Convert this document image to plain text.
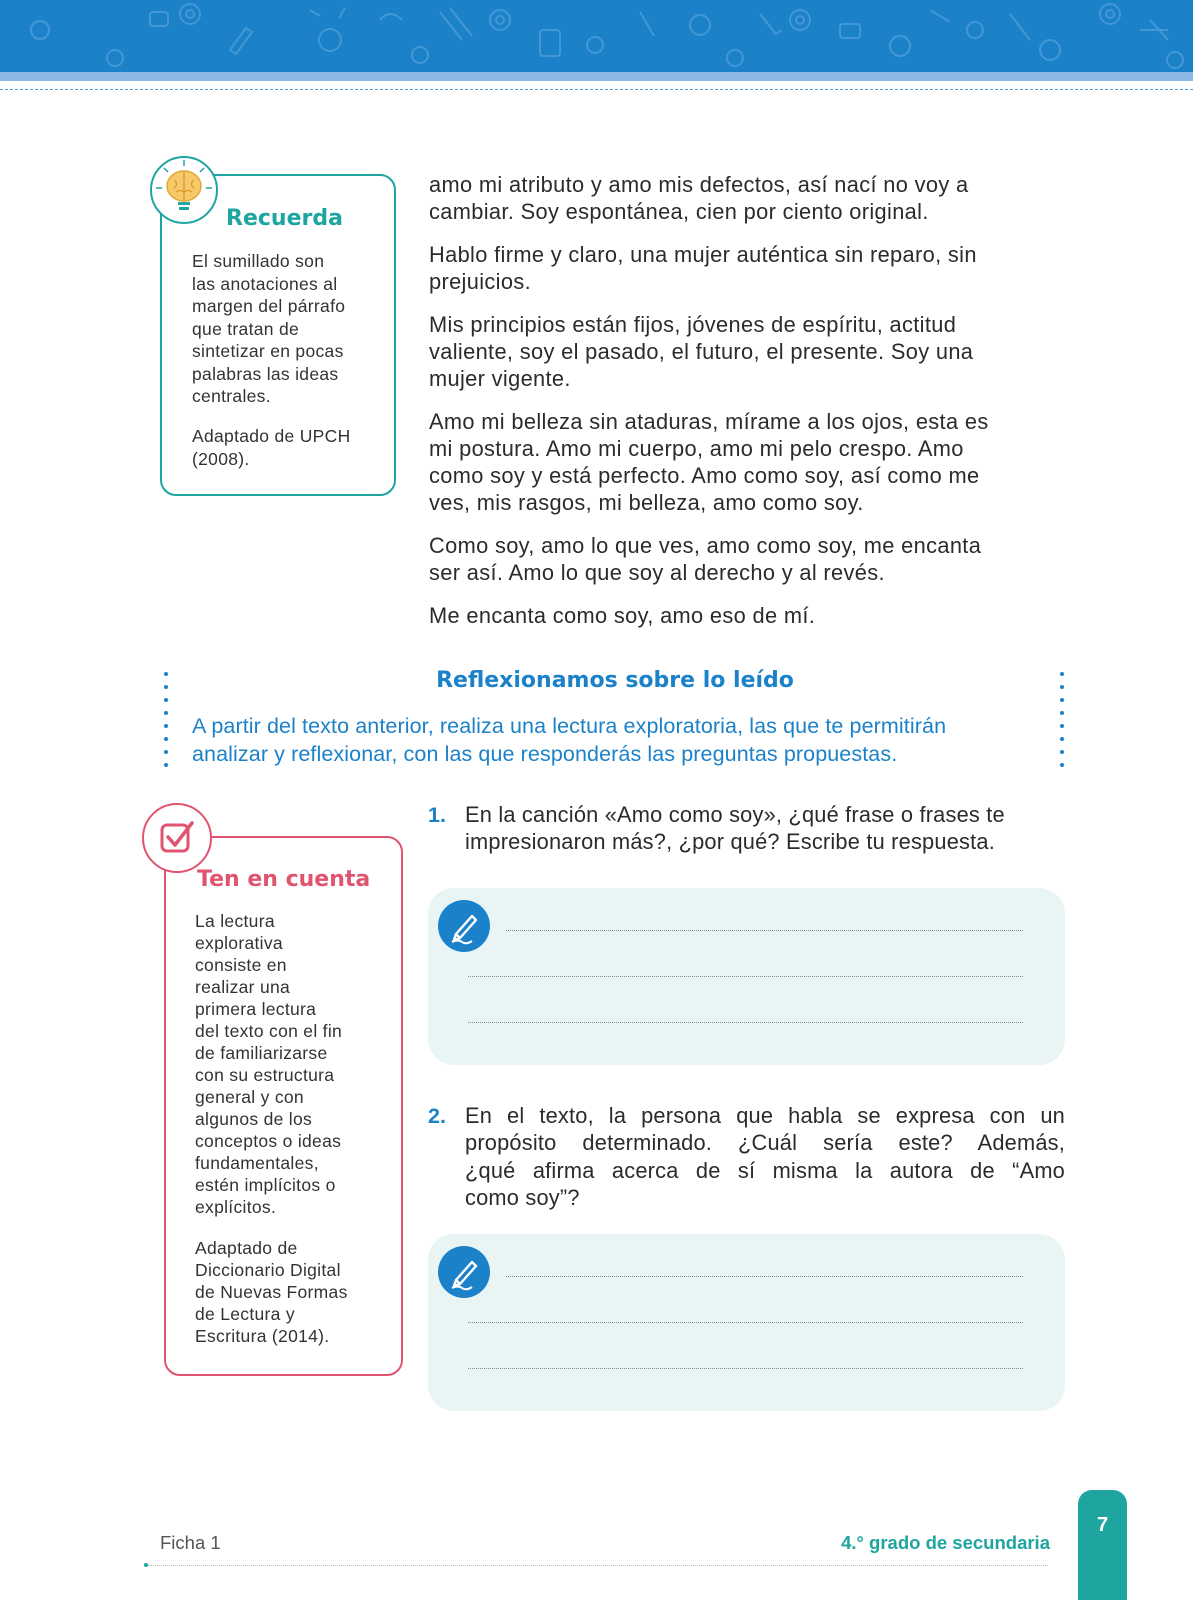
Recuerda
El sumillado son
las anotaciones al
margen del párrafo
que tratan de
sintetizar en pocas
palabras las ideas
centrales.
Adaptado de UPCH
(2008).

amo mi atributo y amo mis defectos, así nací no voy a
cambiar. Soy espontánea, cien por ciento original.

Hablo firme y claro, una mujer auténtica sin reparo, sin
prejuicios.

Mis principios están fijos, jóvenes de espíritu, actitud
valiente, soy el pasado, el futuro, el presente. Soy una
mujer vigente.

Amo mi belleza sin ataduras, mírame a los ojos, esta es
mi postura. Amo mi cuerpo, amo mi pelo crespo. Amo
como soy y está perfecto. Amo como soy, así como me
ves, mis rasgos, mi belleza, amo como soy.

Como soy, amo lo que ves, amo como soy, me encanta
ser así. Amo lo que soy al derecho y al revés.

Me encanta como soy, amo eso de mí.

Reflexionamos sobre lo leído
A partir del texto anterior, realiza una lectura exploratoria, las que te permitirán
analizar y reflexionar, con las que responderás las preguntas propuestas.
1. En la canción «Amo como soy», ¿qué frase o frases te
impresionaron más?, ¿por qué? Escribe tu respuesta.
2. En el texto, la persona que habla se expresa con un
propósito determinado. ¿Cuál sería este? Además,
¿qué afirma acerca de sí misma la autora de “Amo
como soy”?
Ten en cuenta
La lectura
explorativa
consiste en
realizar una
primera lectura
del texto con el fin
de familiarizarse
con su estructura
general y con
algunos de los
conceptos o ideas
fundamentales,
estén implícitos o
explícitos.
Adaptado de
Diccionario Digital
de Nuevas Formas
de Lectura y
Escritura (2014).
Ficha 1	4.° grado de secundaria
7
